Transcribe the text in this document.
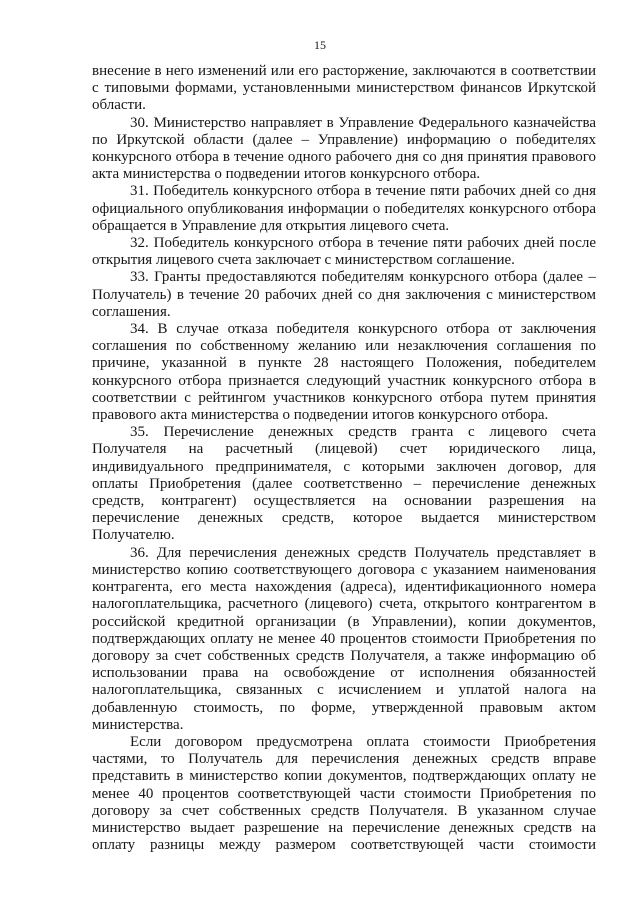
15

внесение в него изменений или его расторжение, заключаются в соответствии с типовыми формами, установленными министерством финансов Иркутской области.

30. Министерство направляет в Управление Федерального казначейства по Иркутской области (далее – Управление) информацию о победителях конкурсного отбора в течение одного рабочего дня со дня принятия правового акта министерства о подведении итогов конкурсного отбора.

31. Победитель конкурсного отбора в течение пяти рабочих дней со дня официального опубликования информации о победителях конкурсного отбора обращается в Управление для открытия лицевого счета.

32. Победитель конкурсного отбора в течение пяти рабочих дней после открытия лицевого счета заключает с министерством соглашение.

33. Гранты предоставляются победителям конкурсного отбора (далее – Получатель) в течение 20 рабочих дней со дня заключения с министерством соглашения.

34. В случае отказа победителя конкурсного отбора от заключения соглашения по собственному желанию или незаключения соглашения по причине, указанной в пункте 28 настоящего Положения, победителем конкурсного отбора признается следующий участник конкурсного отбора в соответствии с рейтингом участников конкурсного отбора путем принятия правового акта министерства о подведении итогов конкурсного отбора.

35. Перечисление денежных средств гранта с лицевого счета Получателя на расчетный (лицевой) счет юридического лица, индивидуального предпринимателя, с которыми заключен договор, для оплаты Приобретения (далее соответственно – перечисление денежных средств, контрагент) осуществляется на основании разрешения на перечисление денежных средств, которое выдается министерством Получателю.

36. Для перечисления денежных средств Получатель представляет в министерство копию соответствующего договора с указанием наименования контрагента, его места нахождения (адреса), идентификационного номера налогоплательщика, расчетного (лицевого) счета, открытого контрагентом в российской кредитной организации (в Управлении), копии документов, подтверждающих оплату не менее 40 процентов стоимости Приобретения по договору за счет собственных средств Получателя, а также информацию об использовании права на освобождение от исполнения обязанностей налогоплательщика, связанных с исчислением и уплатой налога на добавленную стоимость, по форме, утвержденной правовым актом министерства.

Если договором предусмотрена оплата стоимости Приобретения частями, то Получатель для перечисления денежных средств вправе представить в министерство копии документов, подтверждающих оплату не менее 40 процентов соответствующей части стоимости Приобретения по договору за счет собственных средств Получателя. В указанном случае министерство выдает разрешение на перечисление денежных средств на оплату разницы между размером соответствующей части стоимости
